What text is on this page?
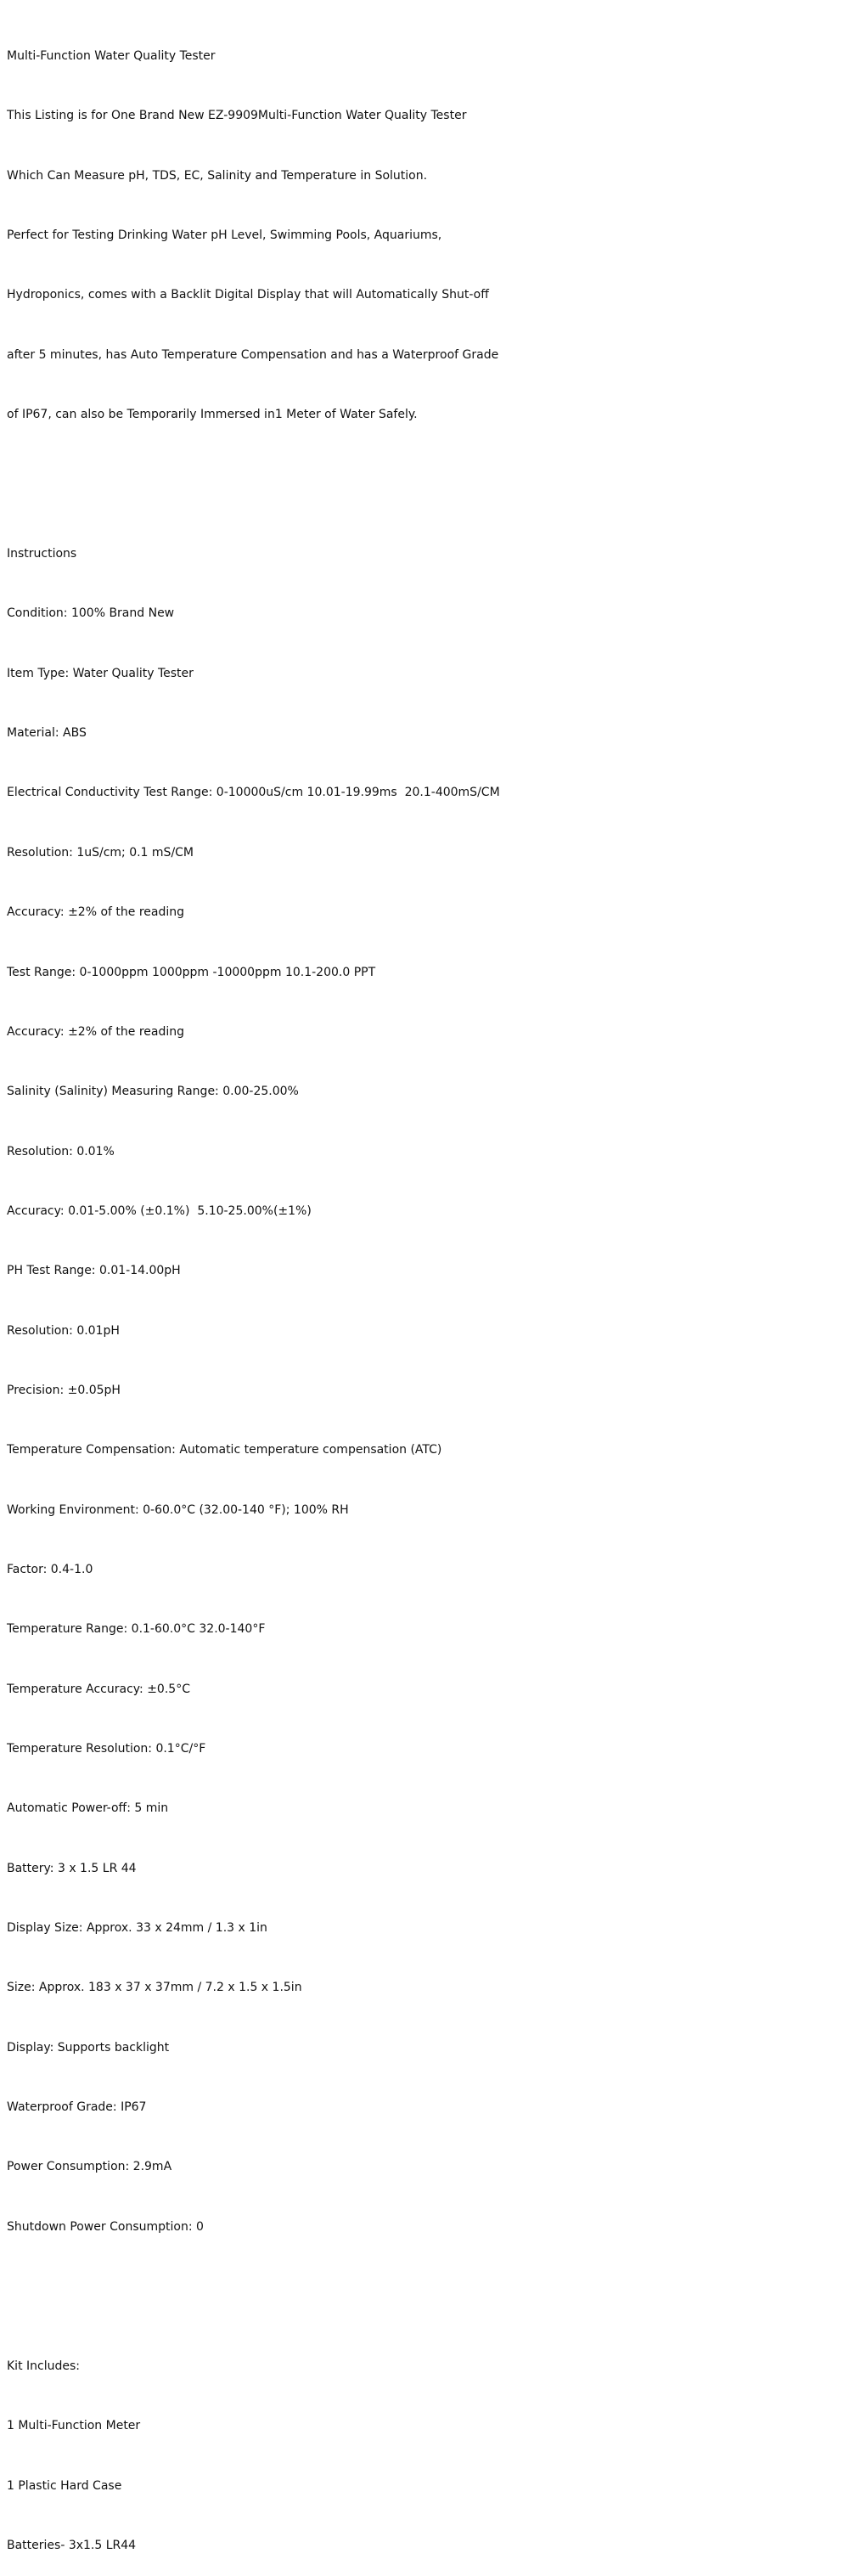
Multi-Function Water Quality Tester

This Listing is for One Brand New EZ-9909Multi-Function Water Quality Tester

Which Can Measure pH, TDS, EC, Salinity and Temperature in Solution.

Perfect for Testing Drinking Water pH Level, Swimming Pools, Aquariums,

Hydroponics, comes with a Backlit Digital Display that will Automatically Shut-off

after 5 minutes, has Auto Temperature Compensation and has a Waterproof Grade

of IP67, can also be Temporarily Immersed in1 Meter of Water Safely.

Instructions

Condition: 100% Brand New

Item Type: Water Quality Tester

Material: ABS

Electrical Conductivity Test Range: 0-10000uS/cm 10.01-19.99ms  20.1-400mS/CM

Resolution: 1uS/cm; 0.1 mS/CM

Accuracy: ±2% of the reading

Test Range: 0-1000ppm 1000ppm -10000ppm 10.1-200.0 PPT

Accuracy: ±2% of the reading

Salinity (Salinity) Measuring Range: 0.00-25.00%

Resolution: 0.01%

Accuracy: 0.01-5.00% (±0.1%)  5.10-25.00%(±1%)

PH Test Range: 0.01-14.00pH

Resolution: 0.01pH

Precision: ±0.05pH

Temperature Compensation: Automatic temperature compensation (ATC)

Working Environment: 0-60.0°C (32.00-140 °F); 100% RH

Factor: 0.4-1.0

Temperature Range: 0.1-60.0°C 32.0-140°F

Temperature Accuracy: ±0.5°C

Temperature Resolution: 0.1°C/°F

Automatic Power-off: 5 min

Battery: 3 x 1.5 LR 44

Display Size: Approx. 33 x 24mm / 1.3 x 1in

Size: Approx. 183 x 37 x 37mm / 7.2 x 1.5 x 1.5in

Display: Supports backlight

Waterproof Grade: IP67

Power Consumption: 2.9mA

Shutdown Power Consumption: 0

Kit Includes:

1 Multi-Function Meter

1 Plastic Hard Case

Batteries- 3x1.5 LR44
